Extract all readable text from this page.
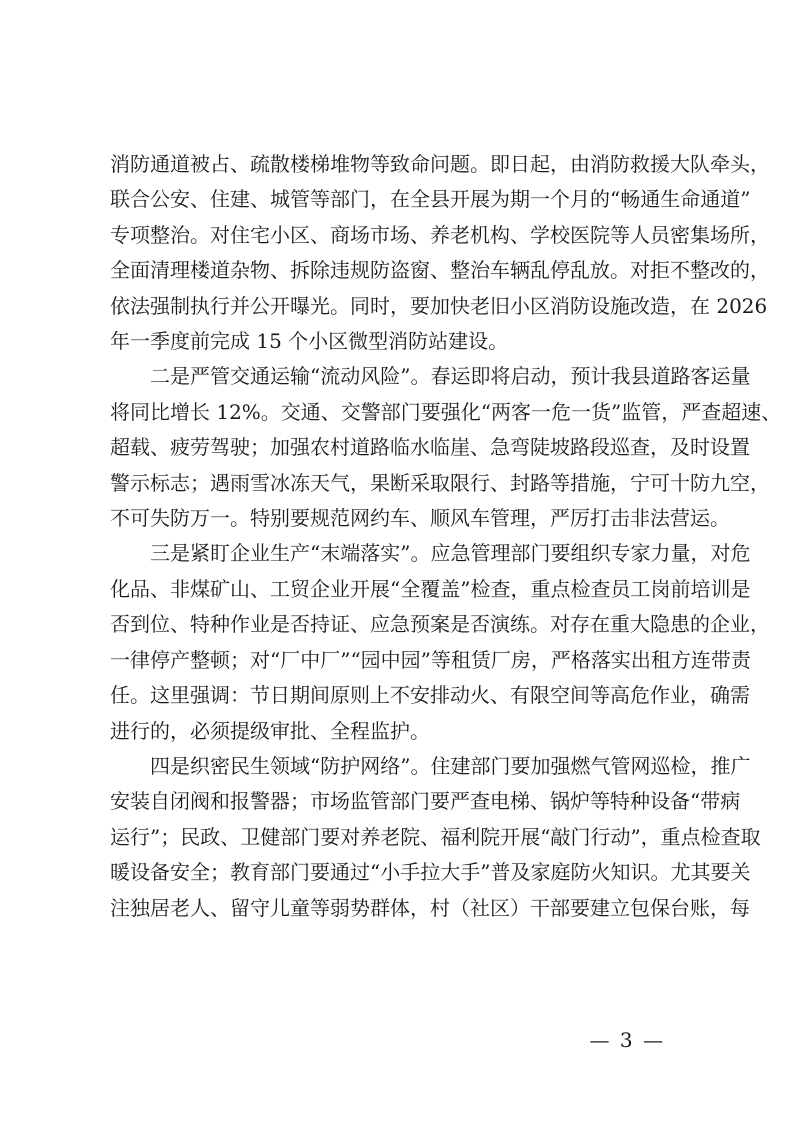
消防通道被占、疏散楼梯堆物等致命问题。即日起，由消防救援大队牵头，
联合公安、住建、城管等部门，在全县开展为期一个月的“畅通生命通道”
专项整治。对住宅小区、商场市场、养老机构、学校医院等人员密集场所，
全面清理楼道杂物、拆除违规防盗窗、整治车辆乱停乱放。对拒不整改的，
依法强制执行并公开曝光。同时，要加快老旧小区消防设施改造，在 2026
年一季度前完成 15 个小区微型消防站建设。
　　二是严管交通运输“流动风险”。春运即将启动，预计我县道路客运量
将同比增长 12%。交通、交警部门要强化“两客一危一货”监管，严查超速、
超载、疲劳驾驶；加强农村道路临水临崖、急弯陡坡路段巡查，及时设置
警示标志；遇雨雪冰冻天气，果断采取限行、封路等措施，宁可十防九空，
不可失防万一。特别要规范网约车、顺风车管理，严厉打击非法营运。
　　三是紧盯企业生产“末端落实”。应急管理部门要组织专家力量，对危
化品、非煤矿山、工贸企业开展“全覆盖”检查，重点检查员工岗前培训是
否到位、特种作业是否持证、应急预案是否演练。对存在重大隐患的企业，
一律停产整顿；对“厂中厂”“园中园”等租赁厂房，严格落实出租方连带责
任。这里强调：节日期间原则上不安排动火、有限空间等高危作业，确需
进行的，必须提级审批、全程监护。
　　四是织密民生领域“防护网络”。住建部门要加强燃气管网巡检，推广
安装自闭阀和报警器；市场监管部门要严查电梯、锅炉等特种设备“带病
运行”；民政、卫健部门要对养老院、福利院开展“敲门行动”，重点检查取
暖设备安全；教育部门要通过“小手拉大手”普及家庭防火知识。尤其要关
注独居老人、留守儿童等弱势群体，村（社区）干部要建立包保台账，每
— 3 —
